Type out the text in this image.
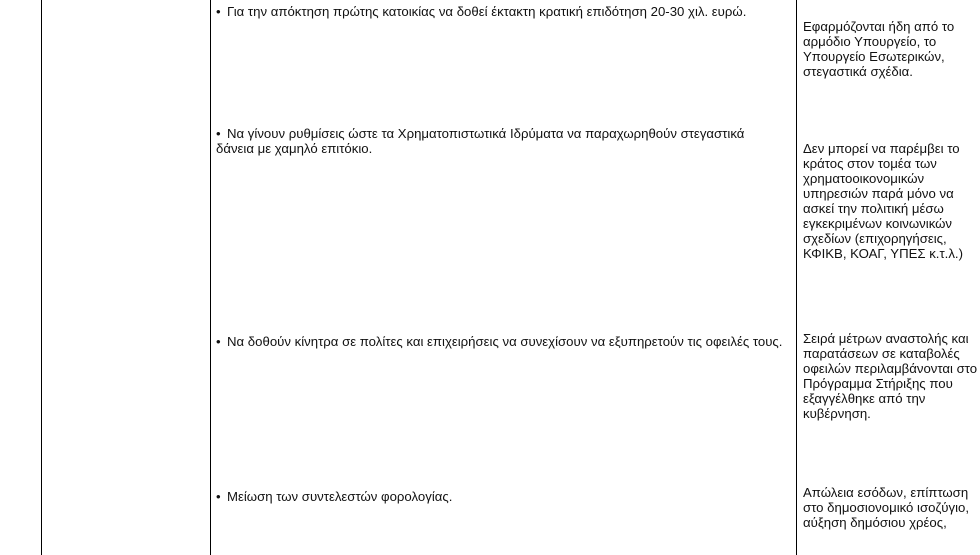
• Για την απόκτηση πρώτης κατοικίας να δοθεί έκτακτη κρατική επιδότηση 20-30 χιλ. ευρώ.
Εφαρμόζονται ήδη από το αρμόδιο Υπουργείο, το Υπουργείο Εσωτερικών, στεγαστικά σχέδια.
• Να γίνουν ρυθμίσεις ώστε τα Χρηματοπιστωτικά Ιδρύματα να παραχωρηθούν στεγαστικά δάνεια με χαμηλό επιτόκιο.	Δεν μπορεί να παρέμβει το κράτος στον τομέα των χρηματοοικονομικών υπηρεσιών παρά μόνο να ασκεί την πολιτική μέσω εγκεκριμένων κοινωνικών σχεδίων (επιχορηγήσεις, ΚΦΙΚΒ, ΚΟΑΓ, ΥΠΕΣ κ.τ.λ.)
• Να δοθούν κίνητρα σε πολίτες και επιχειρήσεις να συνεχίσουν να εξυπηρετούν τις οφειλές τους. Σειρά μέτρων αναστολής και παρατάσεων σε καταβολές οφειλών περιλαμβάνονται στο Πρόγραμμα Στήριξης που εξαγγέλθηκε από την κυβέρνηση.
• Μείωση των συντελεστών φορολογίας.	Απώλεια εσόδων, επίπτωση στο δημοσιονομικό ισοζύγιο, αύξηση δημόσιου χρέος,
